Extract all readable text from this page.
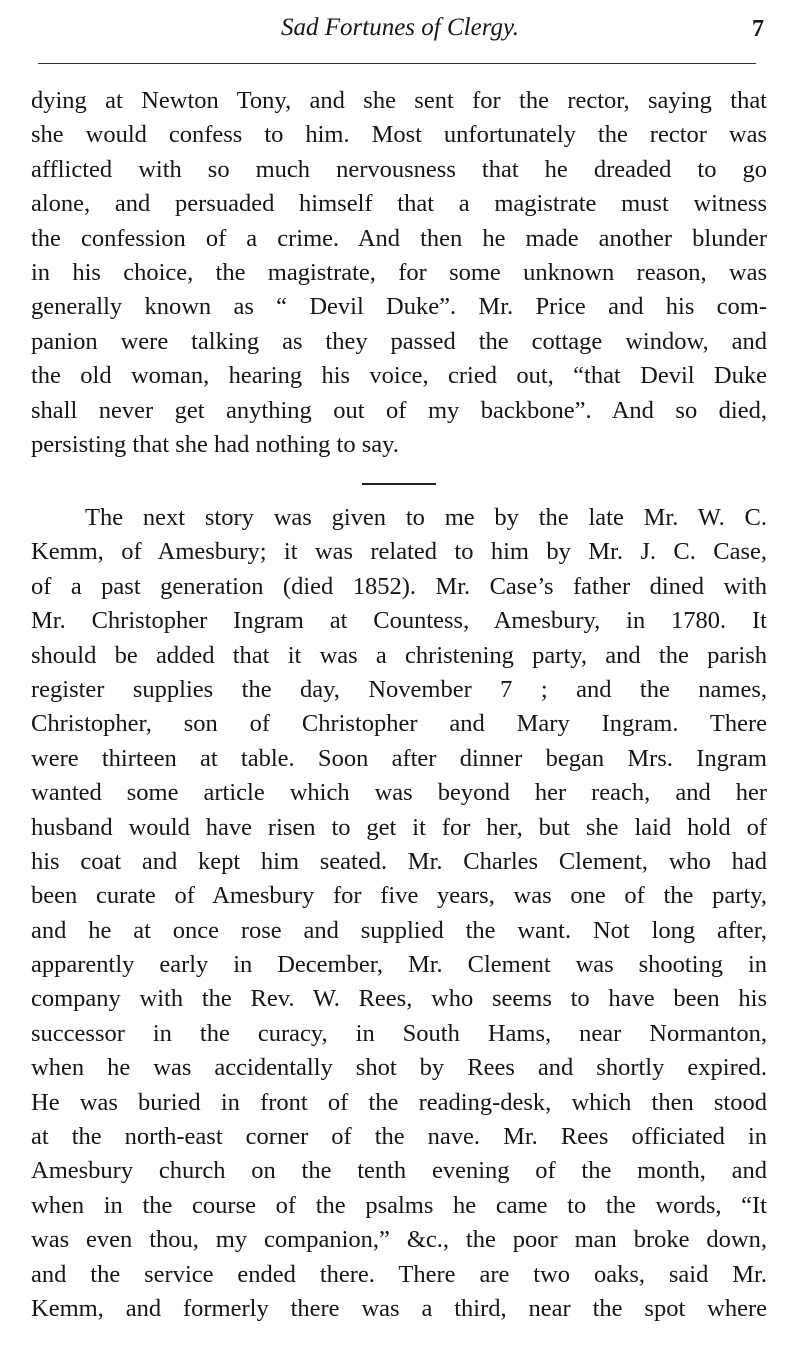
Sad Fortunes of Clergy.	7
dying at Newton Tony, and she sent for the rector, saying that
she would confess to him. Most unfortunately the rector was
afflicted with so much nervousness that he dreaded to go
alone, and persuaded himself that a magistrate must witness
the confession of a crime. And then he made another blunder
in his choice, the magistrate, for some unknown reason, was
generally known as “ Devil Duke”. Mr. Price and his com-
panion were talking as they passed the cottage window, and
the old woman, hearing his voice, cried out, “that Devil Duke
shall never get anything out of my backbone”. And so died,
persisting that she had nothing to say.
The next story was given to me by the late Mr. W. C.
Kemm, of Amesbury; it was related to him by Mr. J. C. Case,
of a past generation (died 1852). Mr. Case’s father dined with
Mr. Christopher Ingram at Countess, Amesbury, in 1780. It
should be added that it was a christening party, and the parish
register supplies the day, November 7 ; and the names,
Christopher, son of Christopher and Mary Ingram. There
were thirteen at table. Soon after dinner began Mrs. Ingram
wanted some article which was beyond her reach, and her
husband would have risen to get it for her, but she laid hold of
his coat and kept him seated. Mr. Charles Clement, who had
been curate of Amesbury for five years, was one of the party,
and he at once rose and supplied the want. Not long after,
apparently early in December, Mr. Clement was shooting in
company with the Rev. W. Rees, who seems to have been his
successor in the curacy, in South Hams, near Normanton,
when he was accidentally shot by Rees and shortly expired.
He was buried in front of the reading-desk, which then stood
at the north-east corner of the nave. Mr. Rees officiated in
Amesbury church on the tenth evening of the month, and
when in the course of the psalms he came to the words, “It
was even thou, my companion,” &c., the poor man broke down,
and the service ended there. There are two oaks, said Mr.
Kemm, and formerly there was a third, near the spot where
